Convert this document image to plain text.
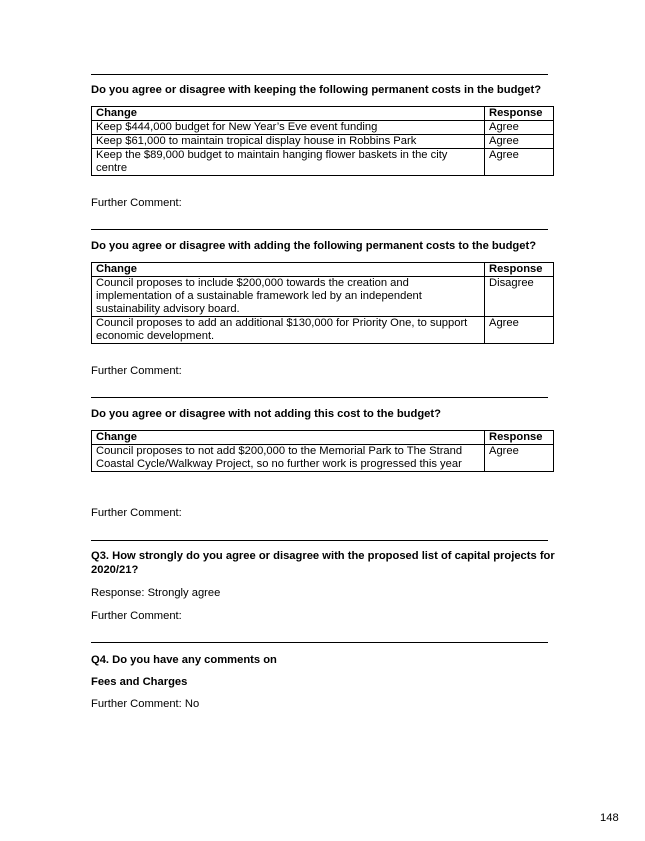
Do you agree or disagree with keeping the following permanent costs in the budget?
Change	Response
Keep $444,000 budget for New Year’s Eve event funding	Agree
Keep $61,000 to maintain tropical display house in Robbins Park	Agree
Keep the $89,000 budget to maintain hanging flower baskets in the city centre	Agree
Further Comment:
Do you agree or disagree with adding the following permanent costs to the budget?
Change	Response
Council proposes to include $200,000 towards the creation and implementation of a sustainable framework led by an independent sustainability advisory board.	Disagree
Council proposes to add an additional $130,000 for Priority One, to support economic development.	Agree
Further Comment:
Do you agree or disagree with not adding this cost to the budget?
Change	Response
Council proposes to not add $200,000 to the Memorial Park to The Strand Coastal Cycle/Walkway Project, so no further work is progressed this year	Agree
Further Comment:
Q3. How strongly do you agree or disagree with the proposed list of capital projects for 2020/21?
Response: Strongly agree
Further Comment:
Q4. Do you have any comments on
Fees and Charges
Further Comment: No
148
